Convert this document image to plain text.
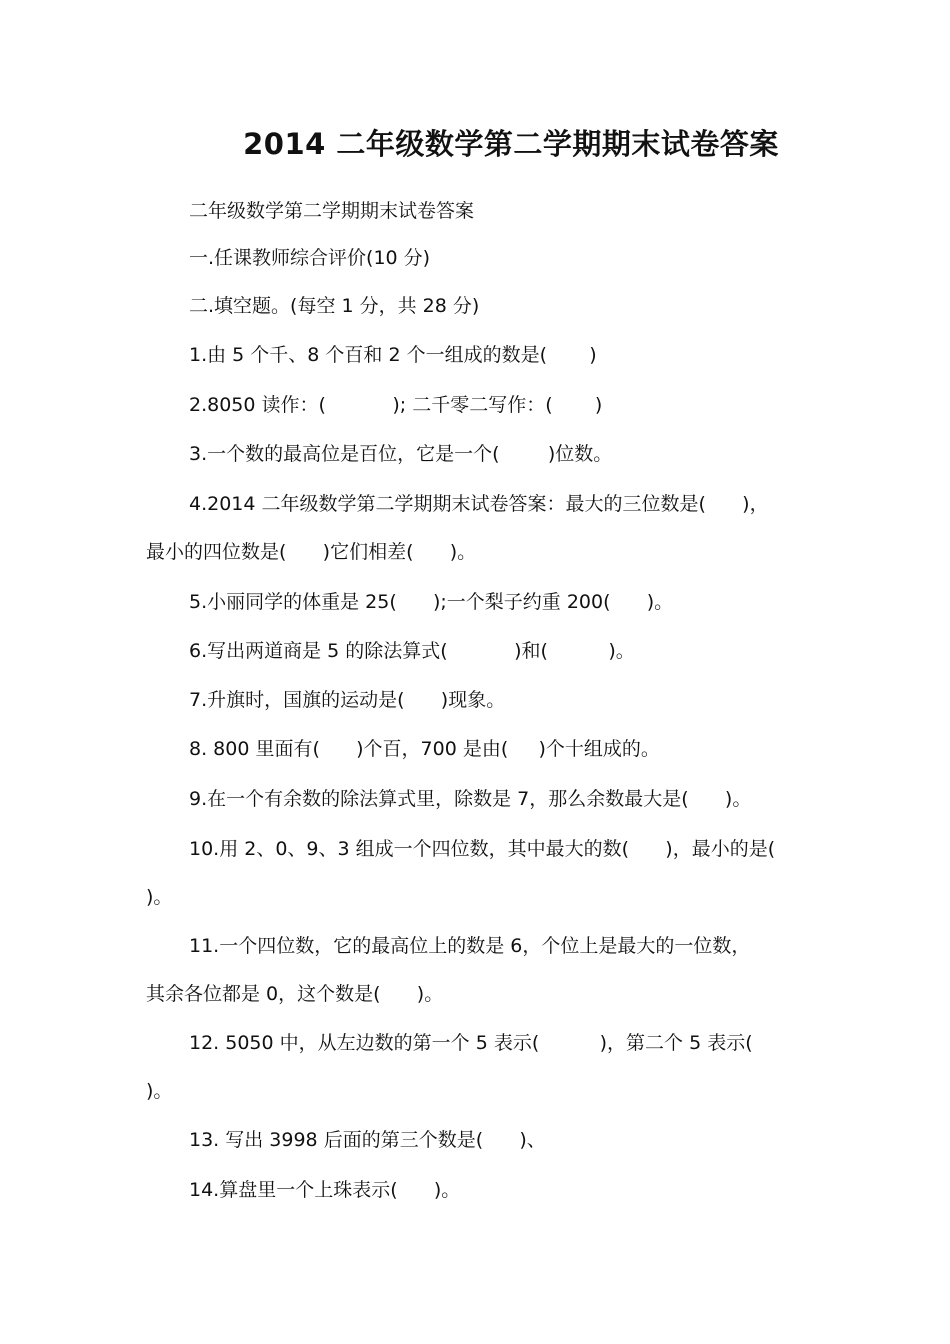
2014 二年级数学第二学期期末试卷答案
二年级数学第二学期期末试卷答案
一.任课教师综合评价(10 分)
二.填空题。(每空 1 分，共 28 分)
1.由 5 个千、8 个百和 2 个一组成的数是(       )
2.8050 读作：(           ); 二千零二写作：(       )
3.一个数的最高位是百位，它是一个(        )位数。
4.2014 二年级数学第二学期期末试卷答案：最大的三位数是(      )，
最小的四位数是(      )它们相差(      )。
5.小丽同学的体重是 25(      );一个梨子约重 200(      )。
6.写出两道商是 5 的除法算式(           )和(          )。
7.升旗时，国旗的运动是(      )现象。
8. 800 里面有(      )个百，700 是由(     )个十组成的。
9.在一个有余数的除法算式里，除数是 7，那么余数最大是(      )。
10.用 2、0、9、3 组成一个四位数，其中最大的数(      )，最小的是(
)。
11.一个四位数，它的最高位上的数是 6，个位上是最大的一位数，
其余各位都是 0，这个数是(      )。
12. 5050 中，从左边数的第一个 5 表示(          )，第二个 5 表示(
)。
13. 写出 3998 后面的第三个数是(      )、
14.算盘里一个上珠表示(      )。
